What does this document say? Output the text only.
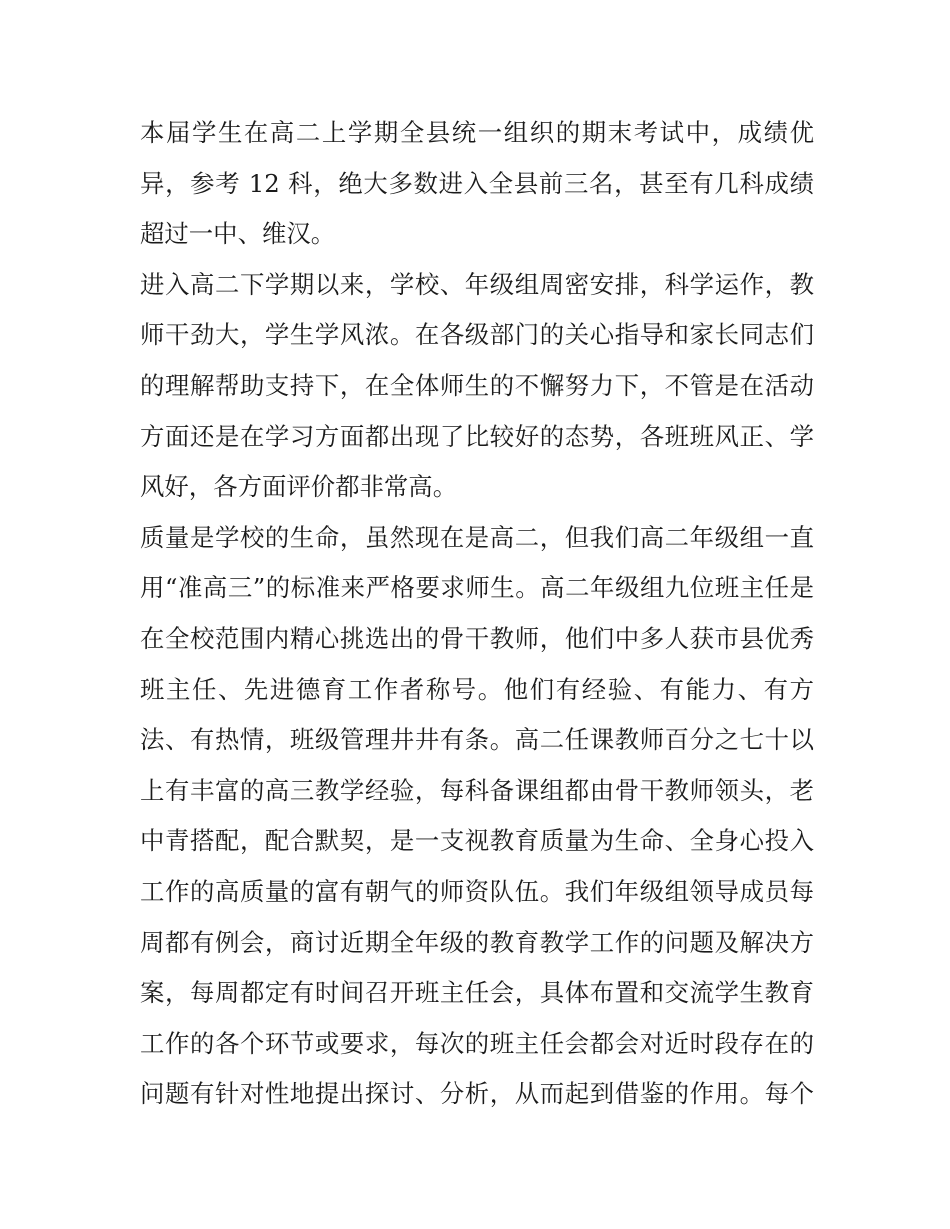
本届学生在高二上学期全县统一组织的期末考试中，成绩优
异，参考 12 科，绝大多数进入全县前三名，甚至有几科成绩
超过一中、维汉。
进入高二下学期以来，学校、年级组周密安排，科学运作，教
师干劲大，学生学风浓。在各级部门的关心指导和家长同志们
的理解帮助支持下，在全体师生的不懈努力下，不管是在活动
方面还是在学习方面都出现了比较好的态势，各班班风正、学
风好，各方面评价都非常高。
质量是学校的生命，虽然现在是高二，但我们高二年级组一直
用“准高三”的标准来严格要求师生。高二年级组九位班主任是
在全校范围内精心挑选出的骨干教师，他们中多人获市县优秀
班主任、先进德育工作者称号。他们有经验、有能力、有方
法、有热情，班级管理井井有条。高二任课教师百分之七十以
上有丰富的高三教学经验，每科备课组都由骨干教师领头，老
中青搭配，配合默契，是一支视教育质量为生命、全身心投入
工作的高质量的富有朝气的师资队伍。我们年级组领导成员每
周都有例会，商讨近期全年级的教育教学工作的问题及解决方
案，每周都定有时间召开班主任会，具体布置和交流学生教育
工作的各个环节或要求，每次的班主任会都会对近时段存在的
问题有针对性地提出探讨、分析，从而起到借鉴的作用。每个
